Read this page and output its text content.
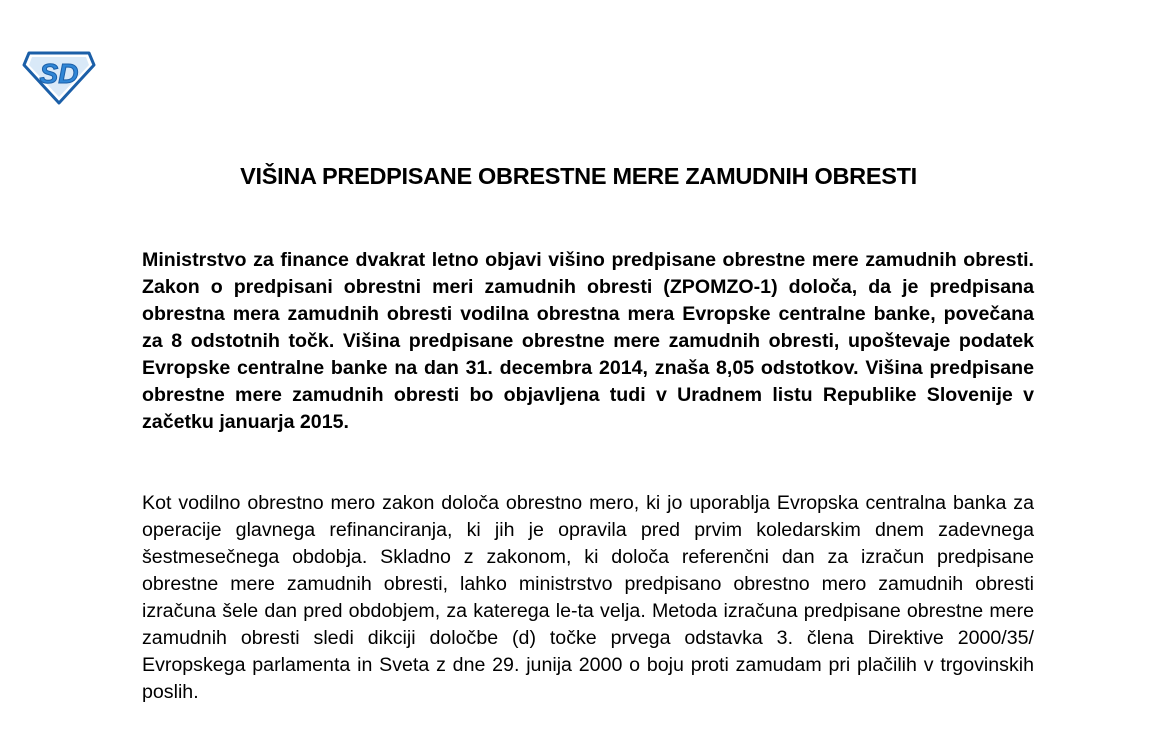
SD
VIŠINA PREDPISANE OBRESTNE MERE ZAMUDNIH OBRESTI

Ministrstvo za finance dvakrat letno objavi višino predpisane obrestne mere zamudnih obresti. Zakon o predpisani obrestni meri zamudnih obresti (ZPOMZO-1) določa, da je predpisana obrestna mera zamudnih obresti vodilna obrestna mera Evropske centralne banke, povečana za 8 odstotnih točk. Višina predpisane obrestne mere zamudnih obresti, upoštevaje podatek Evropske centralne banke na dan 31. decembra 2014, znaša 8,05 odstotkov. Višina predpisane obrestne mere zamudnih obresti bo objavljena tudi v Uradnem listu Republike Slovenije v začetku januarja 2015.

Kot vodilno obrestno mero zakon določa obrestno mero, ki jo uporablja Evropska centralna banka za operacije glavnega refinanciranja, ki jih je opravila pred prvim koledarskim dnem zadevnega šestmesečnega obdobja. Skladno z zakonom, ki določa referenčni dan za izračun predpisane obrestne mere zamudnih obresti, lahko ministrstvo predpisano obrestno mero zamudnih obresti izračuna šele dan pred obdobjem, za katerega le-ta velja. Metoda izračuna predpisane obrestne mere zamudnih obresti sledi dikciji določbe (d) točke prvega odstavka 3. člena Direktive 2000/35/ Evropskega parlamenta in Sveta z dne 29. junija 2000 o boju proti zamudam pri plačilih v trgovinskih poslih.
